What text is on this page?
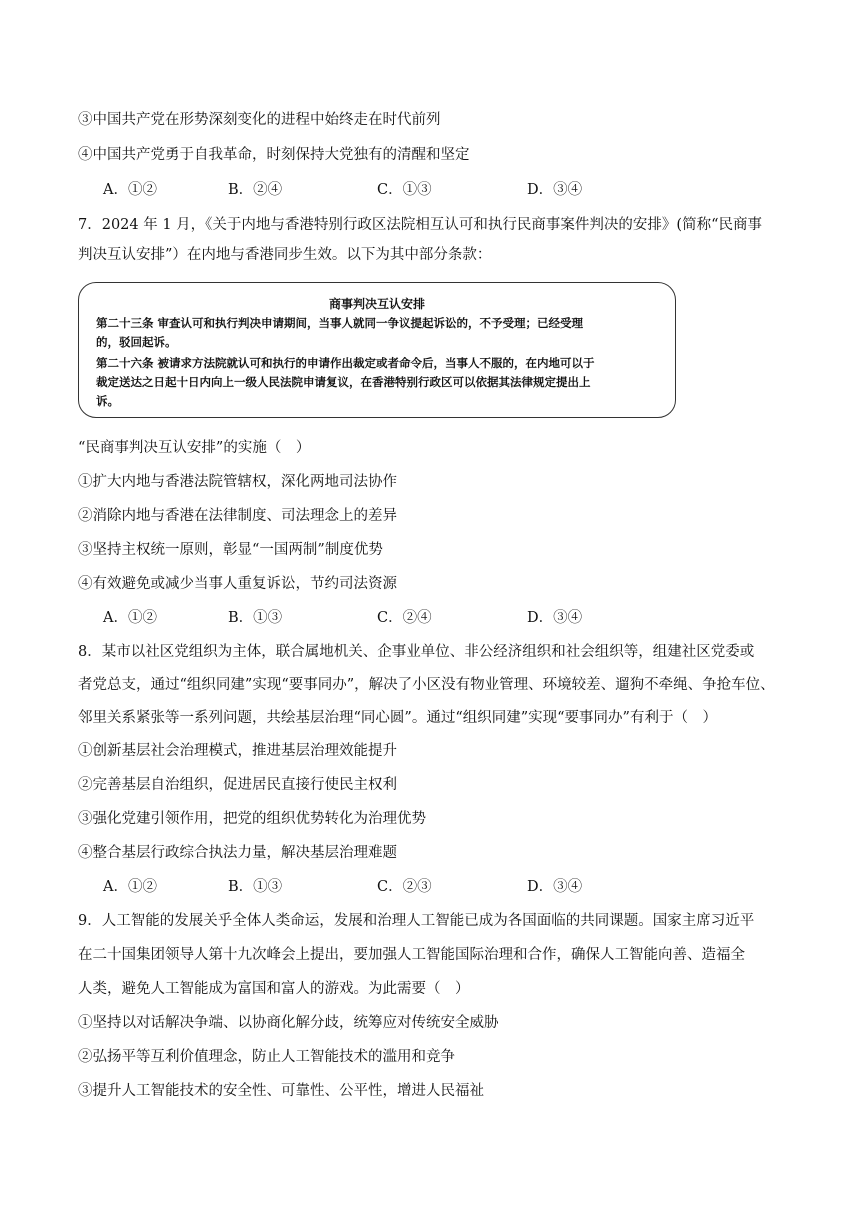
③中国共产党在形势深刻变化的进程中始终走在时代前列
④中国共产党勇于自我革命，时刻保持大党独有的清醒和坚定
A．①②	B．②④	C．①③	D．③④
7．2024 年 1 月，《关于内地与香港特别行政区法院相互认可和执行民商事案件判决的安排》(简称“民商事
判决互认安排”）在内地与香港同步生效。以下为其中部分条款：
商事判决互认安排
第二十三条 审查认可和执行判决申请期间，当事人就同一争议提起诉讼的，不予受理；已经受理
的，驳回起诉。
第二十六条 被请求方法院就认可和执行的申请作出裁定或者命令后，当事人不服的，在内地可以于
裁定送达之日起十日内向上一级人民法院申请复议，在香港特别行政区可以依据其法律规定提出上
诉。
“民商事判决互认安排”的实施（　）
①扩大内地与香港法院管辖权，深化两地司法协作
②消除内地与香港在法律制度、司法理念上的差异
③坚持主权统一原则，彰显“一国两制”制度优势
④有效避免或减少当事人重复诉讼，节约司法资源
A．①②	B．①③	C．②④	D．③④
8．某市以社区党组织为主体，联合属地机关、企事业单位、非公经济组织和社会组织等，组建社区党委或
者党总支，通过“组织同建”实现“要事同办”，解决了小区没有物业管理、环境较差、遛狗不牵绳、争抢车位、
邻里关系紧张等一系列问题，共绘基层治理“同心圆”。通过“组织同建”实现“要事同办”有利于（　）
①创新基层社会治理模式，推进基层治理效能提升
②完善基层自治组织，促进居民直接行使民主权利
③强化党建引领作用，把党的组织优势转化为治理优势
④整合基层行政综合执法力量，解决基层治理难题
A．①②	B．①③	C．②③	D．③④
9．人工智能的发展关乎全体人类命运，发展和治理人工智能已成为各国面临的共同课题。国家主席习近平
在二十国集团领导人第十九次峰会上提出，要加强人工智能国际治理和合作，确保人工智能向善、造福全
人类，避免人工智能成为富国和富人的游戏。为此需要（　）
①坚持以对话解决争端、以协商化解分歧，统筹应对传统安全威胁
②弘扬平等互利价值理念，防止人工智能技术的滥用和竞争
③提升人工智能技术的安全性、可靠性、公平性，增进人民福祉
